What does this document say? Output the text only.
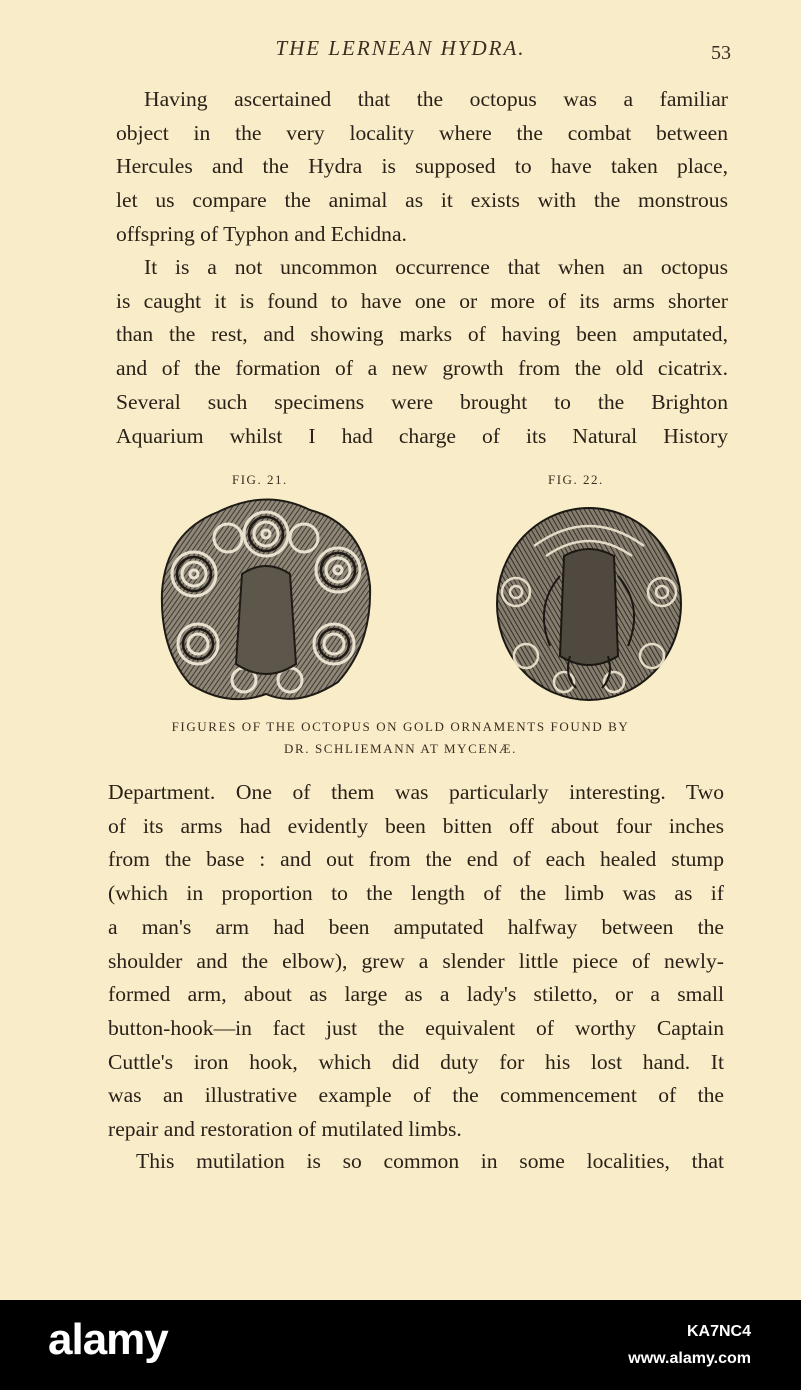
THE LERNEAN HYDRA.	53
Having ascertained that the octopus was a familiar
object in the very locality where the combat between
Hercules and the Hydra is supposed to have taken place,
let us compare the animal as it exists with the monstrous
offspring of Typhon and Echidna.
It is a not uncommon occurrence that when an octopus
is caught it is found to have one or more of its arms shorter
than the rest, and showing marks of having been amputated,
and of the formation of a new growth from the old cicatrix.
Several such specimens were brought to the Brighton
Aquarium whilst I had charge of its Natural History
FIG. 21.	FIG. 22.
FIGURES OF THE OCTOPUS ON GOLD ORNAMENTS FOUND BY
DR. SCHLIEMANN AT MYCENÆ.
Department. One of them was particularly interesting. Two
of its arms had evidently been bitten off about four inches
from the base : and out from the end of each healed stump
(which in proportion to the length of the limb was as if
a man's arm had been amputated halfway between the
shoulder and the elbow), grew a slender little piece of newly-
formed arm, about as large as a lady's stiletto, or a small
button-hook—in fact just the equivalent of worthy Captain
Cuttle's iron hook, which did duty for his lost hand. It
was an illustrative example of the commencement of the
repair and restoration of mutilated limbs.
This mutilation is so common in some localities, that
alamy	KA7NC4
www.alamy.com
